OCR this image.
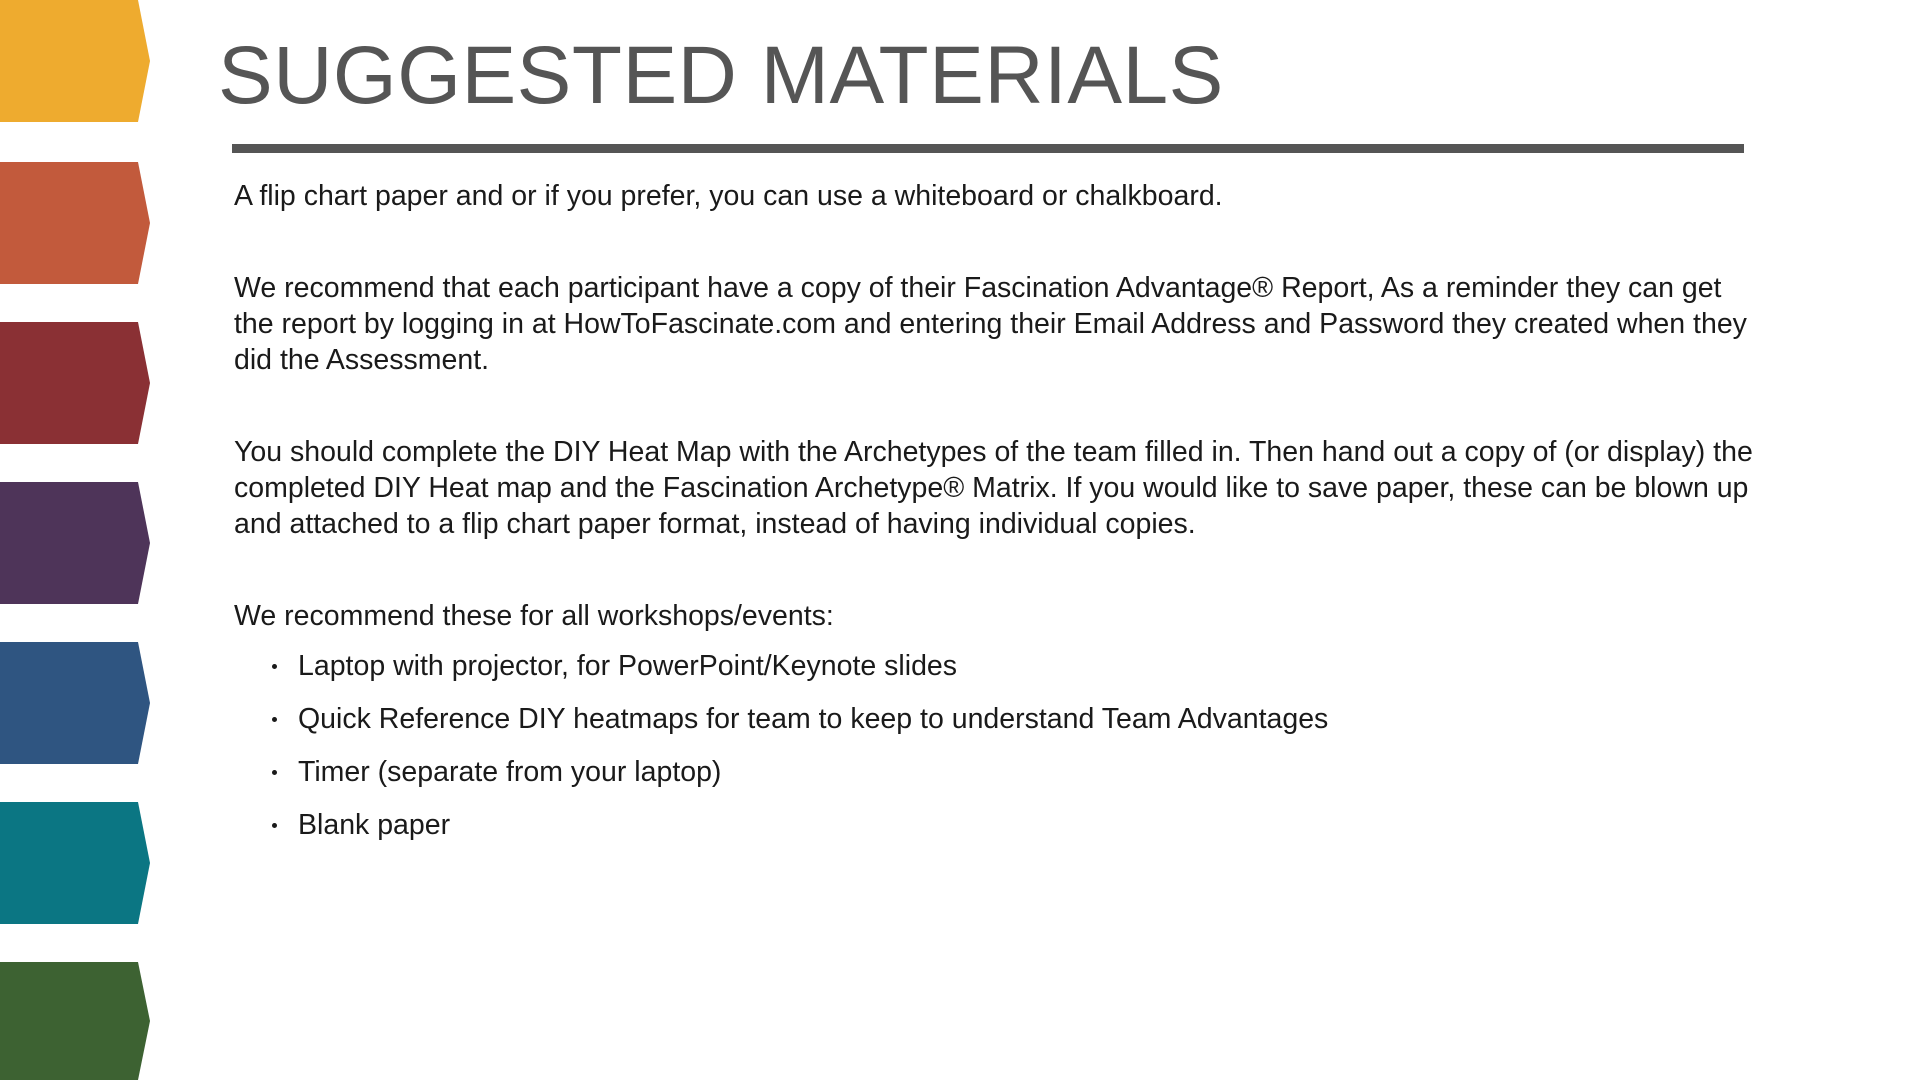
SUGGESTED MATERIALS

A flip chart paper and or if you prefer, you can use a whiteboard or chalkboard.

We recommend that each participant have a copy of their Fascination Advantage® Report, As a reminder they can get the report by logging in at HowToFascinate.com and entering their Email Address and Password they created when they did the Assessment.

You should complete the DIY Heat Map with the Archetypes of the team filled in. Then hand out a copy of (or display) the completed DIY Heat map and the Fascination Archetype® Matrix. If you would like to save paper, these can be blown up and attached to a flip chart paper format, instead of having individual copies.

We recommend these for all workshops/events:

Laptop with projector, for PowerPoint/Keynote slides
Quick Reference DIY heatmaps for team to keep to understand Team Advantages
Timer (separate from your laptop)
Blank paper
